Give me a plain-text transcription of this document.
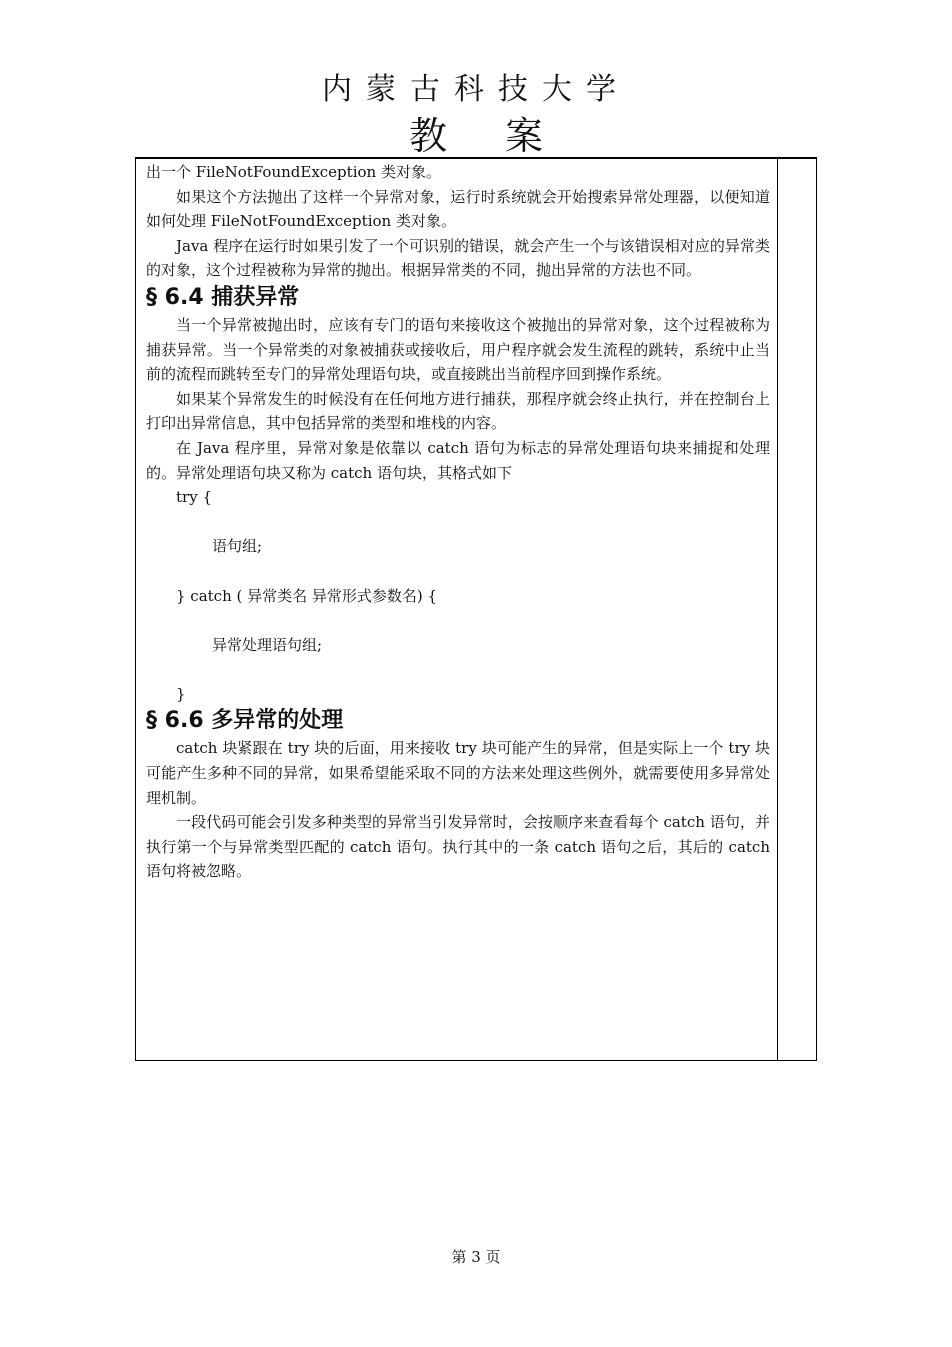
内蒙古科技大学
教案

出一个 FileNotFoundException 类对象。

如果这个方法抛出了这样一个异常对象，运行时系统就会开始搜索异常处理器，以便知道如何处理 FileNotFoundException 类对象。

Java 程序在运行时如果引发了一个可识别的错误，就会产生一个与该错误相对应的异常类的对象，这个过程被称为异常的抛出。根据异常类的不同，抛出异常的方法也不同。

§ 6.4 捕获异常

当一个异常被抛出时，应该有专门的语句来接收这个被抛出的异常对象，这个过程被称为捕获异常。当一个异常类的对象被捕获或接收后，用户程序就会发生流程的跳转，系统中止当前的流程而跳转至专门的异常处理语句块，或直接跳出当前程序回到操作系统。

如果某个异常发生的时候没有在任何地方进行捕获，那程序就会终止执行，并在控制台上打印出异常信息，其中包括异常的类型和堆栈的内容。

在 Java 程序里，异常对象是依靠以 catch 语句为标志的异常处理语句块来捕捉和处理的。异常处理语句块又称为 catch 语句块，其格式如下

try {

语句组;

} catch ( 异常类名 异常形式参数名) {

异常处理语句组;

}

§ 6.6 多异常的处理

catch 块紧跟在 try 块的后面，用来接收 try 块可能产生的异常，但是实际上一个 try 块可能产生多种不同的异常，如果希望能采取不同的方法来处理这些例外，就需要使用多异常处理机制。

一段代码可能会引发多种类型的异常当引发异常时，会按顺序来查看每个 catch 语句，并执行第一个与异常类型匹配的 catch 语句。执行其中的一条 catch 语句之后，其后的 catch 语句将被忽略。

第 3 页
